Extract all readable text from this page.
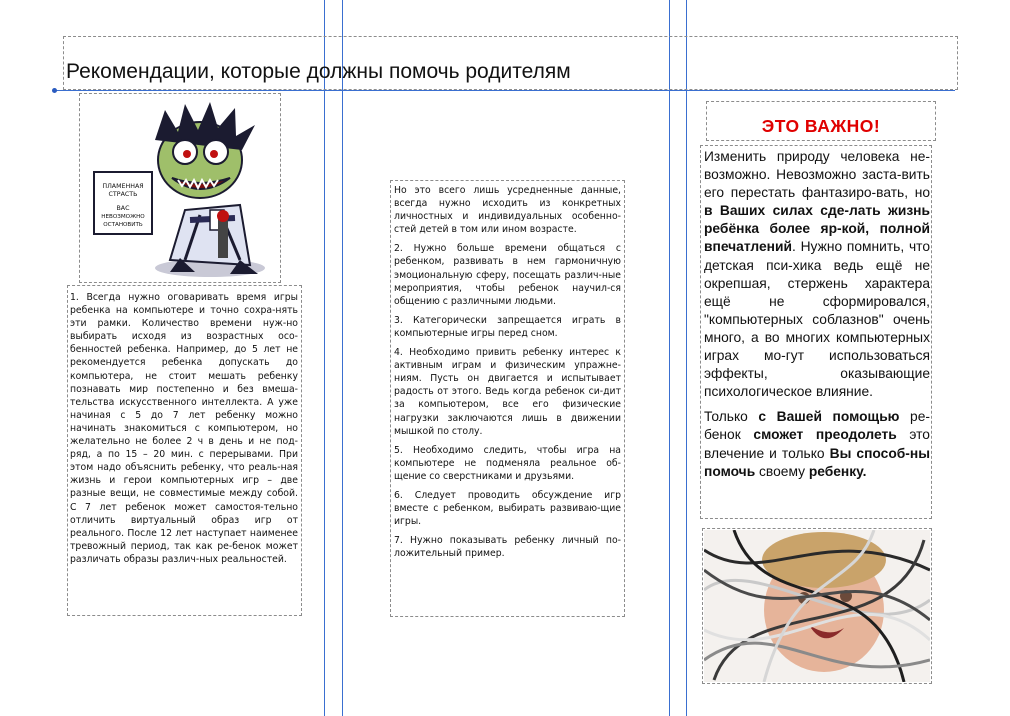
Рекомендации, которые должны помочь родителям
ПЛАМЕННАЯ
СТРАСТЬ
ВАС
НЕВОЗМОЖНО
ОСТАНОВИТЬ

1. Всегда нужно оговаривать время игры ребенка на компьютере и точно сохра-нять эти рамки. Количество времени нуж-но выбирать исходя из возрастных осо-бенностей ребенка. Например, до 5 лет не рекомендуется ребенка допускать до компьютера, не стоит мешать ребенку познавать мир постепенно и без вмеша-тельства искусственного интеллекта. А уже начиная с 5 до 7 лет ребенку можно начинать знакомиться с компьютером, но желательно не более 2 ч в день и не под-ряд, а по 15 – 20 мин. с перерывами. При этом надо объяснить ребенку, что реаль-ная жизнь и герои компьютерных игр – две разные вещи, не совместимые между собой. С 7 лет ребенок может самостоя-тельно отличить виртуальный образ игр от реального. После 12 лет наступает наименее тревожный период, так как ре-бенок может различать образы различ-ных реальностей.

Но это всего лишь усредненные данные, всегда нужно исходить из конкретных личностных и индивидуальных особенно-стей детей в том или ином возрасте.

2. Нужно больше времени общаться с ребенком, развивать в нем гармоничную эмоциональную сферу, посещать различ-ные мероприятия, чтобы ребенок научил-ся общению с различными людьми.

3. Категорически запрещается играть в компьютерные игры перед сном.

4. Необходимо привить ребенку интерес к активным играм и физическим упражне-ниям. Пусть он двигается и испытывает радость от этого. Ведь когда ребенок си-дит за компьютером, все его физические нагрузки заключаются лишь в движении мышкой по столу.

5. Необходимо следить, чтобы игра на компьютере не подменяла реальное об-щение со сверстниками и друзьями.

6. Следует проводить обсуждение игр вместе с ребенком, выбирать развиваю-щие игры.

7. Нужно показывать ребенку личный по-ложительный пример.

ЭТО ВАЖНО!

Изменить природу человека не-возможно. Невозможно заста-вить его перестать фантазиро-вать, но в Ваших силах сде-лать жизнь ребёнка более яр-кой, полной впечатлений. Нужно помнить, что детская пси-хика ведь ещё не окрепшая, стержень характера ещё не сформировался, "компьютерных соблазнов" очень много, а во многих компьютерных играх мо-гут использоваться эффекты, оказывающие психологическое влияние.

Только с Вашей помощью ре-бенок сможет преодолеть это влечение и только Вы способ-ны помочь своему ребенку.
